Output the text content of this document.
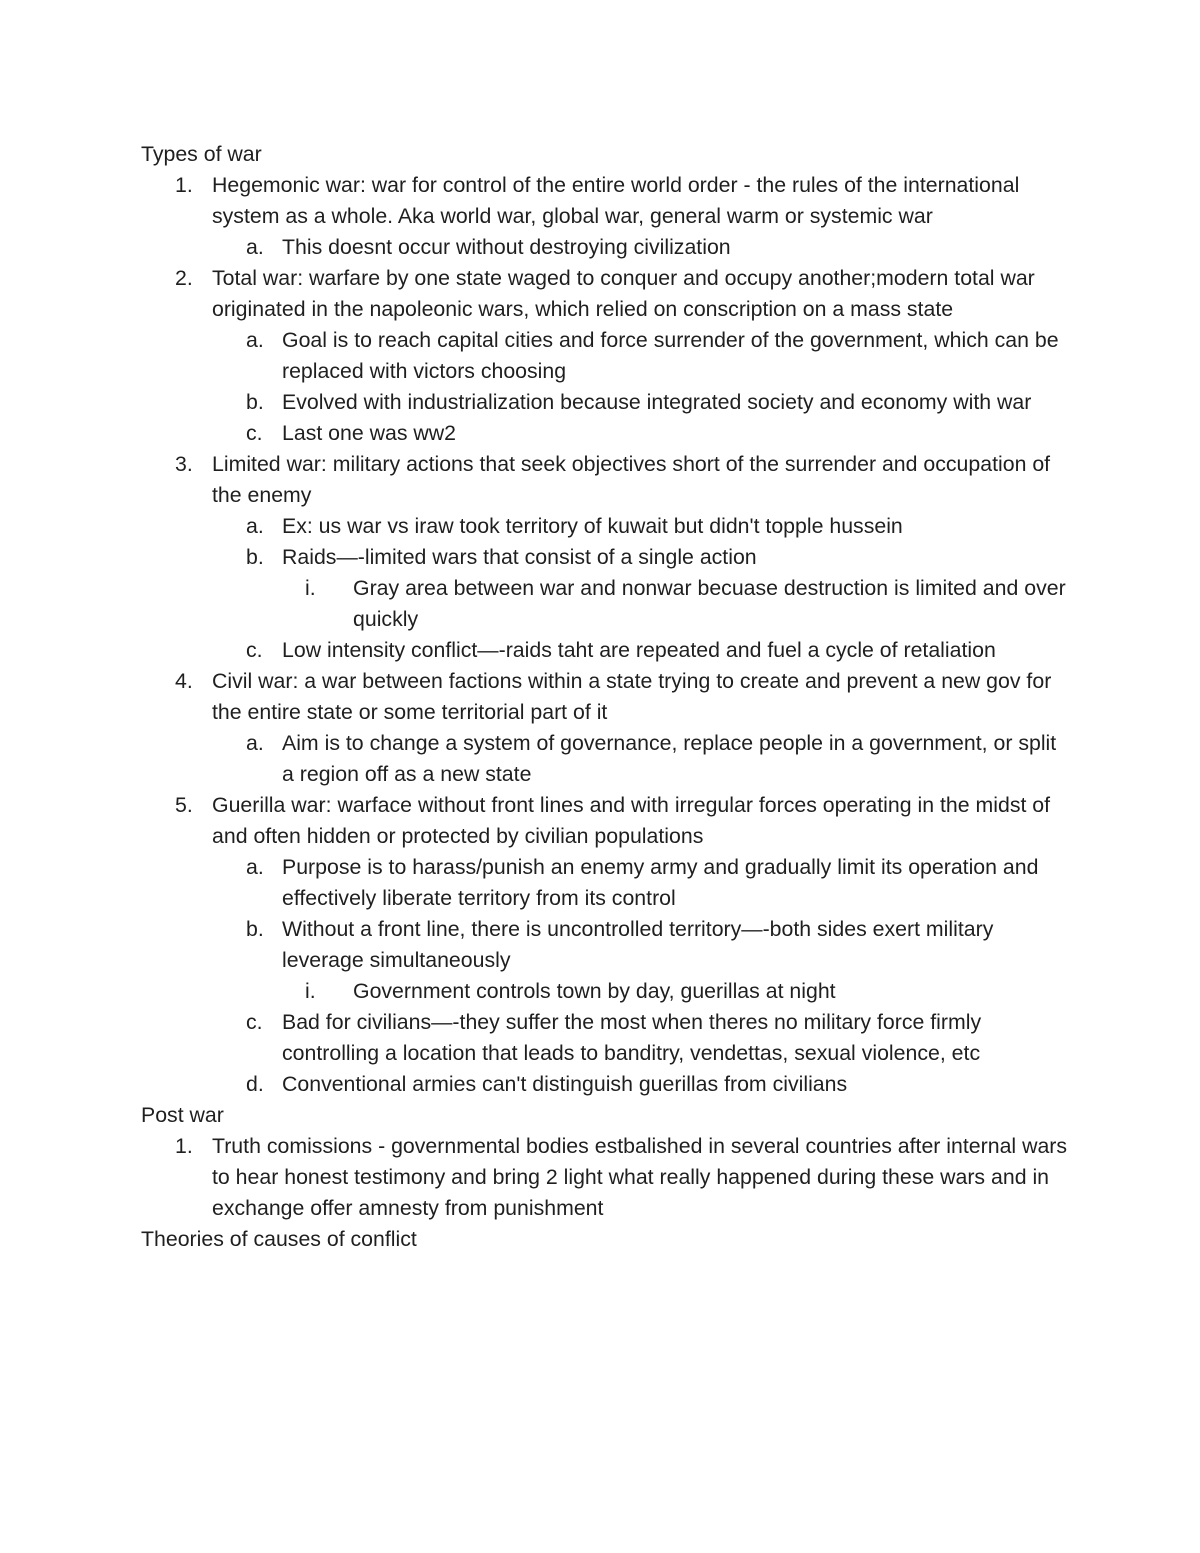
Types of war
1. Hegemonic war: war for control of the entire world order - the rules of the international system as a whole. Aka world war, global war, general warm or systemic war
a. This doesnt occur without destroying civilization
2. Total war: warfare by one state waged to conquer and occupy another;modern total war originated in the napoleonic wars, which relied on conscription on a mass state
a. Goal is to reach capital cities and force surrender of the government, which can be replaced with victors choosing
b. Evolved with industrialization because integrated society and economy with war
c. Last one was ww2
3. Limited war: military actions that seek objectives short of the surrender and occupation of the enemy
a. Ex: us war vs iraw took territory of kuwait but didn't topple hussein
b. Raids—-limited wars that consist of a single action
i. Gray area between war and nonwar becuase destruction is limited and over quickly
c. Low intensity conflict—-raids taht are repeated and fuel a cycle of retaliation
4. Civil war: a war between factions within a state trying to create and prevent a new gov for the entire state or some territorial part of it
a. Aim is to change a system of governance, replace people in a government, or split a region off as a new state
5. Guerilla war: warface without front lines and with irregular forces operating in the midst of and often hidden or protected by civilian populations
a. Purpose is to harass/punish an enemy army and gradually limit its operation and effectively liberate territory from its control
b. Without a front line, there is uncontrolled territory—-both sides exert military leverage simultaneously
i. Government controls town by day, guerillas at night
c. Bad for civilians—-they suffer the most when theres no military force firmly controlling a location that leads to banditry, vendettas, sexual violence, etc
d. Conventional armies can't distinguish guerillas from civilians
Post war
1. Truth comissions - governmental bodies estbalished in several countries after internal wars to hear honest testimony and bring 2 light what really happened during these wars and in exchange offer amnesty from punishment
Theories of causes of conflict
